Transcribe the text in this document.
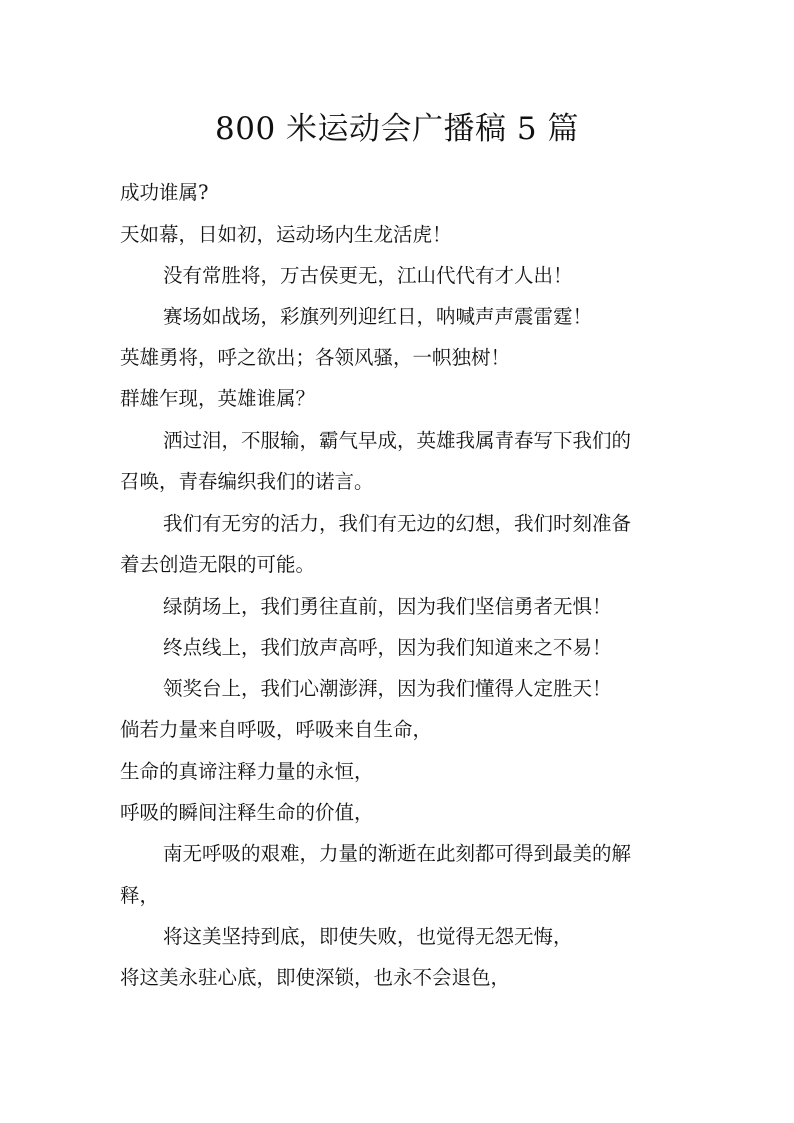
800 米运动会广播稿 5 篇

成功谁属?

天如幕，日如初，运动场内生龙活虎！

没有常胜将，万古侯更无，江山代代有才人出！

赛场如战场，彩旗列列迎红日，呐喊声声震雷霆！

英雄勇将，呼之欲出；各领风骚，一帜独树！

群雄乍现，英雄谁属？

洒过泪，不服输，霸气早成，英雄我属青春写下我们的

召唤，青春编织我们的诺言。

我们有无穷的活力，我们有无边的幻想，我们时刻准备

着去创造无限的可能。

绿荫场上，我们勇往直前，因为我们坚信勇者无惧！

终点线上，我们放声高呼，因为我们知道来之不易！

领奖台上，我们心潮澎湃，因为我们懂得人定胜天！

倘若力量来自呼吸，呼吸来自生命，

生命的真谛注释力量的永恒，

呼吸的瞬间注释生命的价值，

南无呼吸的艰难，力量的渐逝在此刻都可得到最美的解

释，

将这美坚持到底，即使失败，也觉得无怨无悔，

将这美永驻心底，即使深锁，也永不会退色，
